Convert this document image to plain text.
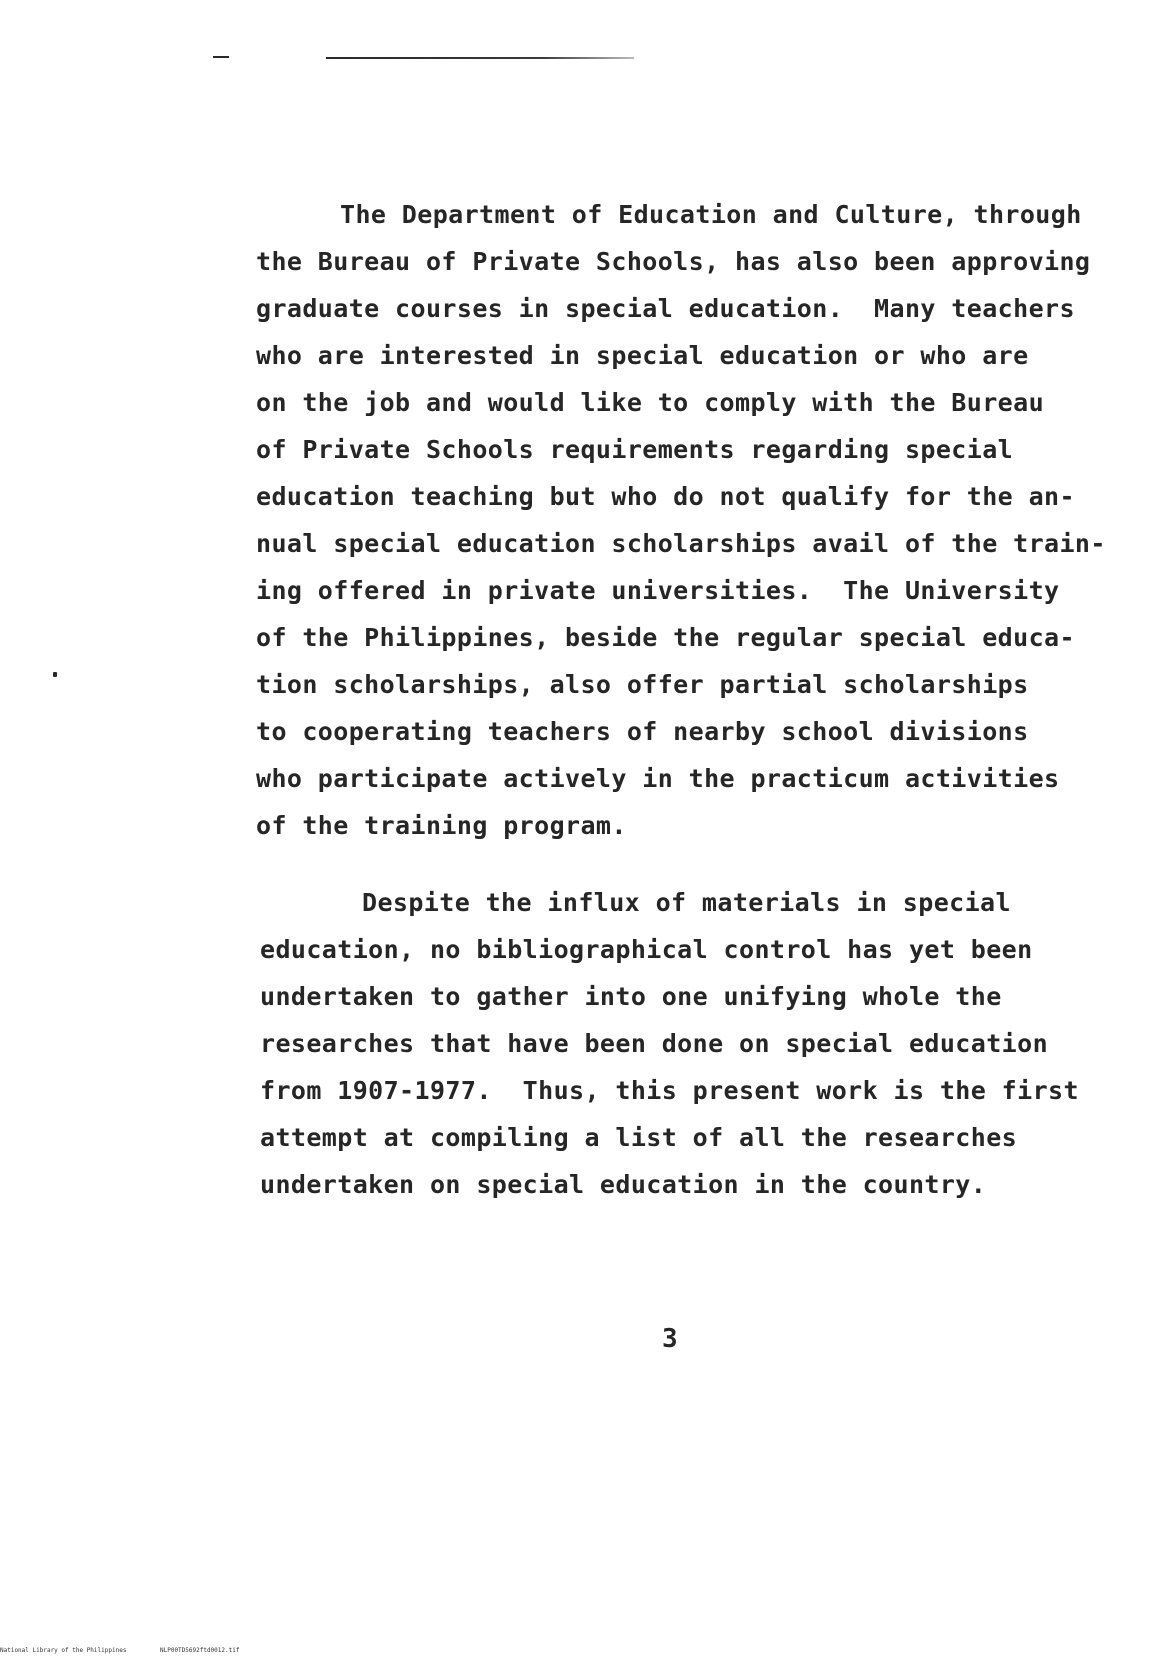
The Department of Education and Culture, through
the Bureau of Private Schools, has also been approving
graduate courses in special education.  Many teachers
who are interested in special education or who are
on the job and would like to comply with the Bureau
of Private Schools requirements regarding special
education teaching but who do not qualify for the an-
nual special education scholarships avail of the train-
ing offered in private universities.  The University
of the Philippines, beside the regular special educa-
tion scholarships, also offer partial scholarships
to cooperating teachers of nearby school divisions
who participate actively in the practicum activities
of the training program.
Despite the influx of materials in special
education, no bibliographical control has yet been
undertaken to gather into one unifying whole the
researches that have been done on special education
from 1907-1977.  Thus, this present work is the first
attempt at compiling a list of all the researches
undertaken on special education in the country.
3
National Library of the Philippines	NLP00TD5692ftd0012.tif
